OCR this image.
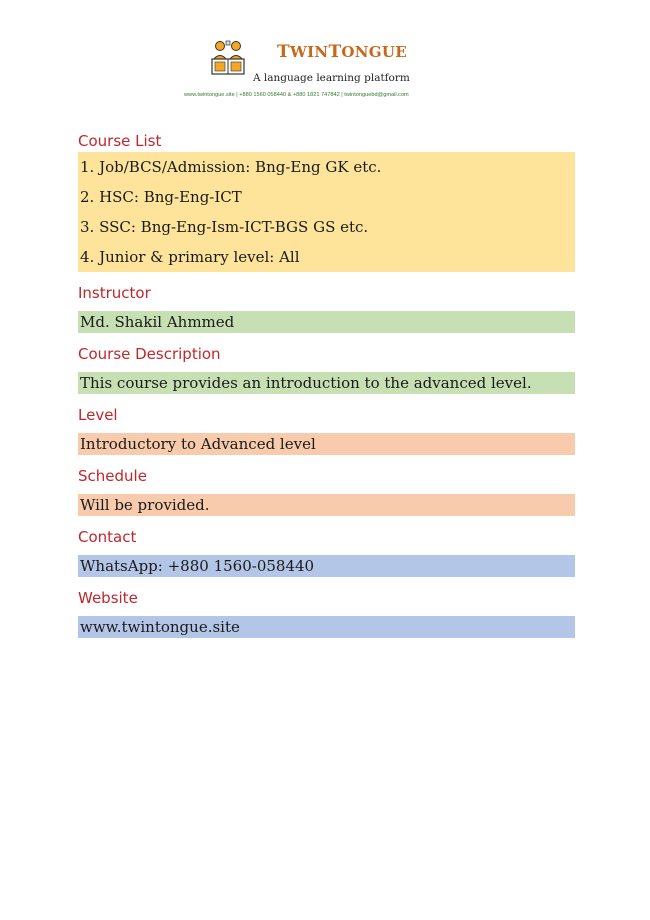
TWINTONGUE
A language learning platform
www.twintongue.site | +880 1560 058440 & +880 1821 747842 | twintonguebd@gmail.com
Course List
1. Job/BCS/Admission: Bng-Eng GK etc.
2. HSC: Bng-Eng-ICT
3. SSC: Bng-Eng-Ism-ICT-BGS GS etc.
4. Junior & primary level: All
Instructor
Md. Shakil Ahmmed
Course Description
This course provides an introduction to the advanced level.
Level
Introductory to Advanced level
Schedule
Will be provided.
Contact
WhatsApp: +880 1560-058440
Website
www.twintongue.site
